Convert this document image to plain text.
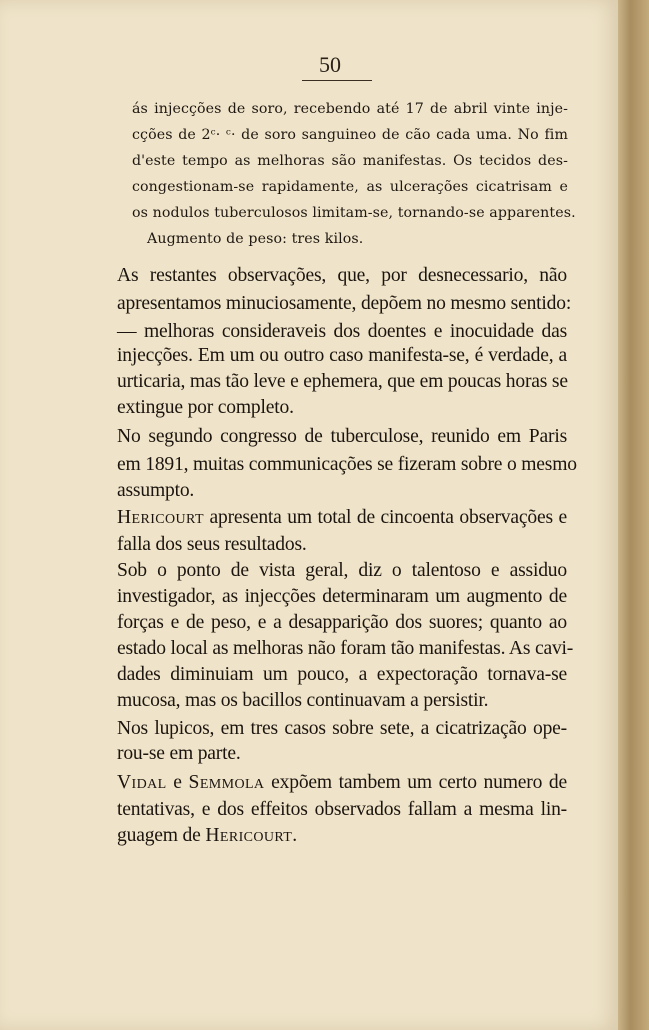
50
ás injecções de soro, recebendo até 17 de abril vinte inje-
cções de 2ᶜ· ᶜ· de soro sanguineo de cão cada uma. No fim
d'este tempo as melhoras são manifestas. Os tecidos des-
congestionam-se rapidamente, as ulcerações cicatrisam e
os nodulos tuberculosos limitam-se, tornando-se apparentes.
Augmento de peso: tres kilos.
As restantes observações, que, por desnecessario, não
apresentamos minuciosamente, depõem no mesmo sentido:
— melhoras consideraveis dos doentes e inocuidade das
injecções. Em um ou outro caso manifesta-se, é verdade, a
urticaria, mas tão leve e ephemera, que em poucas horas se
extingue por completo.
No segundo congresso de tuberculose, reunido em Paris
em 1891, muitas communicações se fizeram sobre o mesmo
assumpto.
Hericourt apresenta um total de cincoenta observações e
falla dos seus resultados.
Sob o ponto de vista geral, diz o talentoso e assiduo
investigador, as injecções determinaram um augmento de
forças e de peso, e a desapparição dos suores; quanto ao
estado local as melhoras não foram tão manifestas. As cavi-
dades diminuiam um pouco, a expectoração tornava-se
mucosa, mas os bacillos continuavam a persistir.
Nos lupicos, em tres casos sobre sete, a cicatrização ope-
rou-se em parte.
Vidal e Semmola expõem tambem um certo numero de
tentativas, e dos effeitos observados fallam a mesma lin-
guagem de Hericourt.
